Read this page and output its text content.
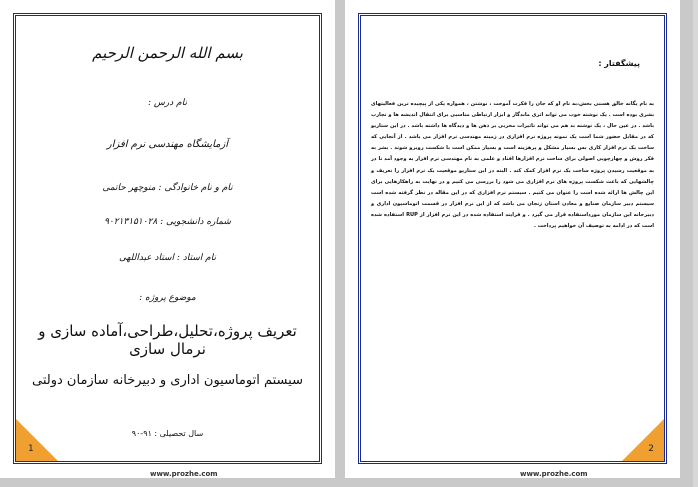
بسم الله الرحمن الرحیم
نام درس :
آزمایشگاه مهندسی نرم افزار
نام و نام خانوادگی : منوچهر حاتمی
شماره دانشجویی : ۹۰۲۱۳۱۵۱۰۲۸
نام استاد : استاد عبداللهی
موضوع پروژه :
تعریف پروژه،تحلیل،طراحی،آماده سازی و نرمال سازی
سیستم اتوماسیون اداری و دبیرخانه سازمان دولتی
سال تحصیلی : ۹۱-۹۰
1
www.prozhe.com
پیشگفتار :
به نام یگانه خالق هستی بخش،به نام او که جان را فکرت آموخت ، نوشتن ، همواره یکی از پیچیده ترین فعالیتهای بشری بوده است . یک نوشته خوب می تواند اثری ماندگار و ابزار ارتباطی مناسبی برای انتقال اندیشه ها و تجارب باشد . در عین حال ، یک نوشته بد هم می تواند تاثیرات مخربی بر ذهن ها و دیدگاه ها داشته باشد . در این ستاریو که در مقابل حضور شما است یک نمونه پروژه نرم افزاری در زمینه مهندسی نرم افزار می باشد . از آنجایی که ساخت یک نرم افزار کاری بس بسیار مشکل و پرهزینه است و بسیار ممکن است با شکست روبرو شوند . بشر به فکر روش و چهارچوبی اصولی برای ساخت نرم افزارها افتاد و علمی به نام مهندسی نرم افزار به وجود آمد تا در به موقعیت رسیدن پروژه ساخت یک نرم افزار کمک کند . البته در این ستاریو موقعیت یک نرم افزار را تعریف و چالشهایی که باعث شکست پروژه های نرم افزاری می شود را بررسی می کنیم و در نهایت به راهکارهایی برای این چالش ها ارائه شده است را عنوان می کنیم . سیستم نرم افزاری که در این مقاله در نظر گرفته شده است سیستم دبیر سازمان صنایع و معادن استان زنجان می باشد که از این نرم افزار در قسمت اتوماسیون اداری و دبیرخانه این سازمان مورداستفاده قرار می گیرد . و فرایند استفاده شده در این نرم افزار از RUP استفاده شده است که در ادامه به توصیف آن خواهیم پرداخت .
2
www.prozhe.com
